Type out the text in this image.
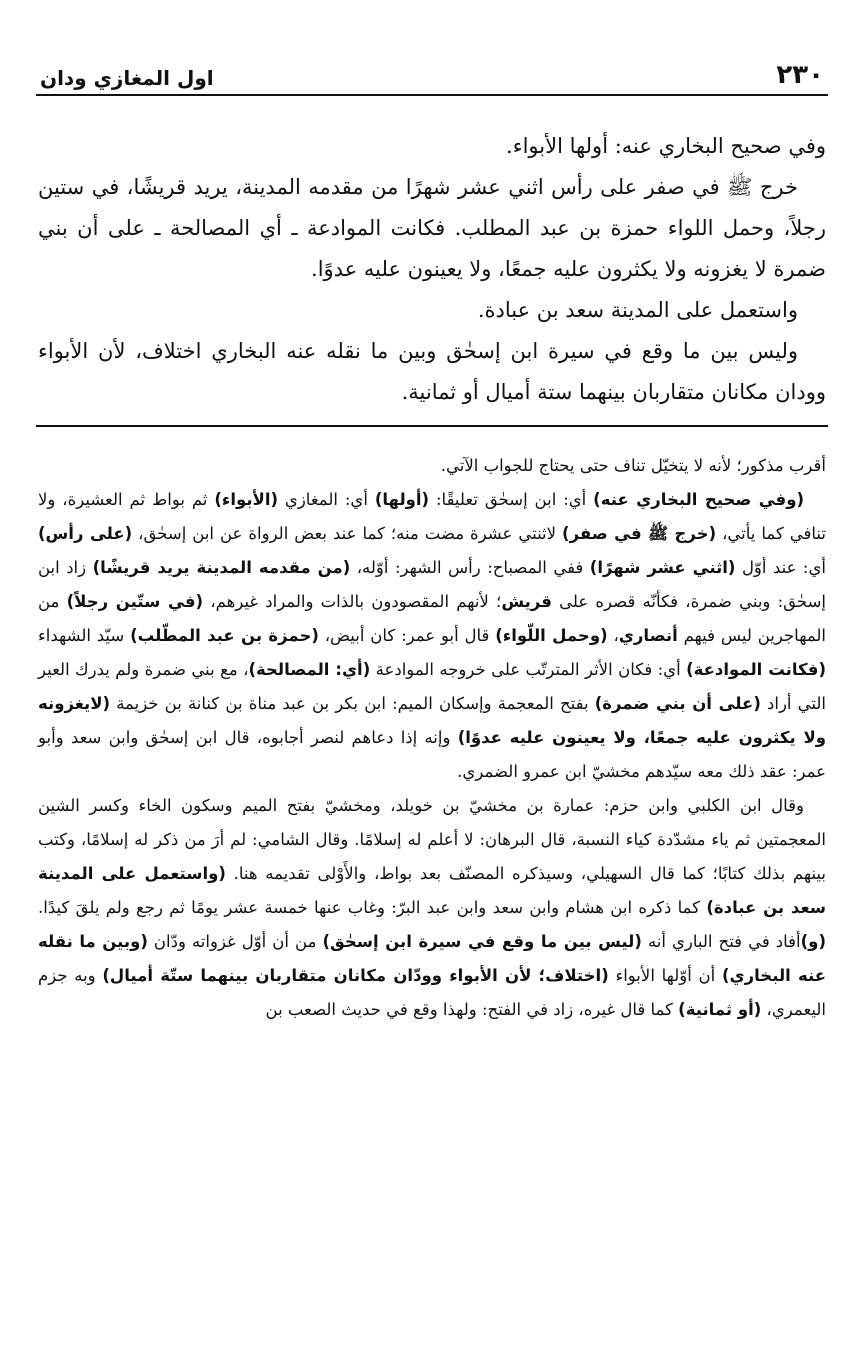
٢٣٠
اول المغازي ودان

وفي صحيح البخاري عنه: أولها الأبواء.

خرج ﷺ في صفر على رأس اثني عشر شهرًا من مقدمه المدينة، يريد قريشًا، في ستين رجلاً، وحمل اللواء حمزة بن عبد المطلب. فكانت الموادعة ـ أي المصالحة ـ على أن بني ضمرة لا يغزونه ولا يكثرون عليه جمعًا، ولا يعينون عليه عدوًا.

واستعمل على المدينة سعد بن عبادة.

وليس بين ما وقع في سيرة ابن إسحٰق وبين ما نقله عنه البخاري اختلاف، لأن الأبواء وودان مكانان متقاربان بينهما ستة أميال أو ثمانية.

أقرب مذكور؛ لأنه لا يتخيّل تناف حتى يحتاج للجواب الآتي.

(وفي صحيح البخاري عنه) أي: ابن إسحٰق تعليقًا: (أولها) أي: المغازي (الأبواء) ثم بواط ثم العشيرة، ولا تنافي كما يأتي، (خرج ﷺ في صفر) لاثنتي عشرة مضت منه؛ كما عند بعض الرواة عن ابن إسحٰق، (على رأس) أي: عند أوّل (اثني عشر شهرًا) ففي المصباح: رأس الشهر: أوّله، (من مقدمه المدينة يريد قريشًا) زاد ابن إسحٰق: وبني ضمرة، فكأنّه قصره على قريش؛ لأنهم المقصودون بالذات والمراد غيرهم، (في ستّين رجلاً) من المهاجرين ليس فيهم أنصاري، (وحمل اللّواء) قال أبو عمر: كان أبيض، (حمزة بن عبد المطّلب) سيّد الشهداء (فكانت الموادعة) أي: فكان الأثر المترتّب على خروجه الموادعة (أي: المصالحة)، مع بني ضمرة ولم يدرك العير التي أراد (على أن بني ضمرة) بفتح المعجمة وإسكان الميم: ابن بكر بن عبد مناة بن كنانة بن خزيمة (لايغزونه ولا يكثرون عليه جمعًا، ولا يعينون عليه عدوًا) وإنه إذا دعاهم لنصر أجابوه، قال ابن إسحٰق وابن سعد وأبو عمر: عقد ذلك معه سيّدهم مخشيّ ابن عمرو الضمري.

وقال ابن الكلبي وابن حزم: عمارة بن مخشيّ بن خويلد، ومخشيّ بفتح الميم وسكون الخاء وكسر الشين المعجمتين ثم ياء مشدّدة كياء النسبة، قال البرهان: لا أعلم له إسلامًا. وقال الشامي: لم أرَ من ذكر له إسلامًا، وكتب بينهم بذلك كتابًا؛ كما قال السهيلي، وسيذكره المصنّف بعد بواط، والأَوْلى تقديمه هنا. (واستعمل على المدينة سعد بن عبادة) كما ذكره ابن هشام وابن سعد وابن عبد البرّ: وغاب عنها خمسة عشر يومًا ثم رجع ولم يلقَ كيدًا. (و)أفاد في فتح الباري أنه (ليس بين ما وقع في سيرة ابن إسحٰق) من أن أوّل غزواته ودّان (وبين ما نقله عنه البخاري) أن أوّلها الأبواء (اختلاف؛ لأن الأبواء وودّان مكانان متقاربان بينهما ستّة أميال) وبه جزم اليعمري، (أو ثمانية) كما قال غيره، زاد في الفتح: ولهذا وقع في حديث الصعب بن
